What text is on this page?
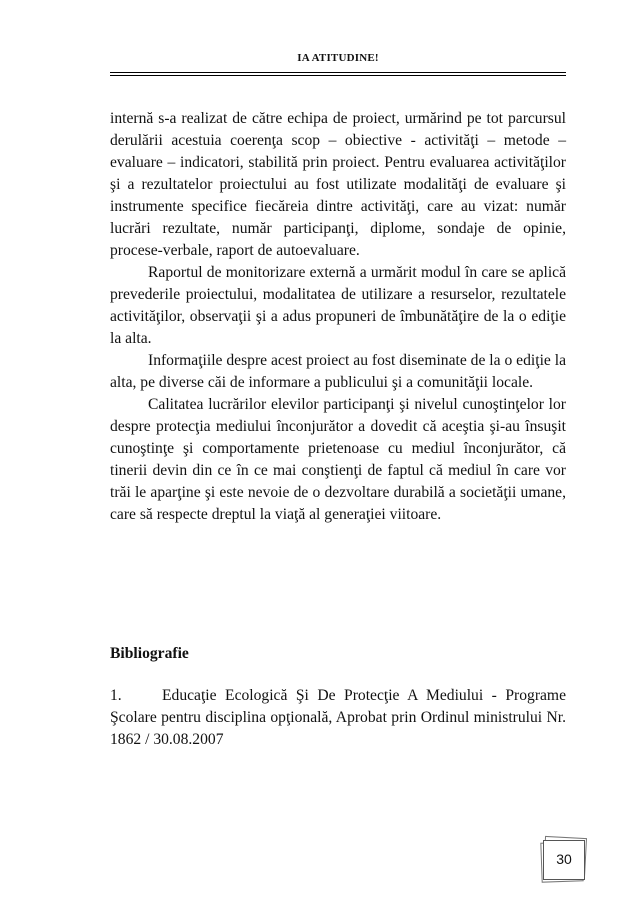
IA ATITUDINE!

internă s-a realizat de către echipa de proiect, urmărind pe tot parcursul derulării acestuia coerenţa scop – obiective - activităţi – metode – evaluare – indicatori, stabilită prin proiect. Pentru evaluarea activităţilor şi a rezultatelor proiectului au fost utilizate modalităţi de evaluare şi instrumente specifice fiecăreia dintre activităţi, care au vizat: număr lucrări rezultate, număr participanţi, diplome, sondaje de opinie, procese-verbale, raport de autoevaluare.

Raportul de monitorizare externă a urmărit modul în care se aplică prevederile proiectului, modalitatea de utilizare a resurselor, rezultatele activităţilor, observaţii şi a adus propuneri de îmbunătăţire de la o ediţie la alta.

Informaţiile despre acest proiect au fost diseminate de la o ediţie la alta, pe diverse căi de informare a publicului şi a comunităţii locale.

Calitatea lucrărilor elevilor participanţi şi nivelul cunoştinţelor lor despre protecţia mediului înconjurător a dovedit că aceştia şi-au însuşit cunoştinţe şi comportamente prietenoase cu mediul înconjurător, că tinerii devin din ce în ce mai conştienţi de faptul că mediul în care vor trăi le aparţine şi este nevoie de o dezvoltare durabilă a societăţii umane, care să respecte dreptul la viaţă al generaţiei viitoare.

Bibliografie

1.	Educaţie Ecologică Şi De Protecţie A Mediului - Programe Şcolare pentru disciplina opţională, Aprobat prin Ordinul ministrului Nr. 1862 / 30.08.2007

30
